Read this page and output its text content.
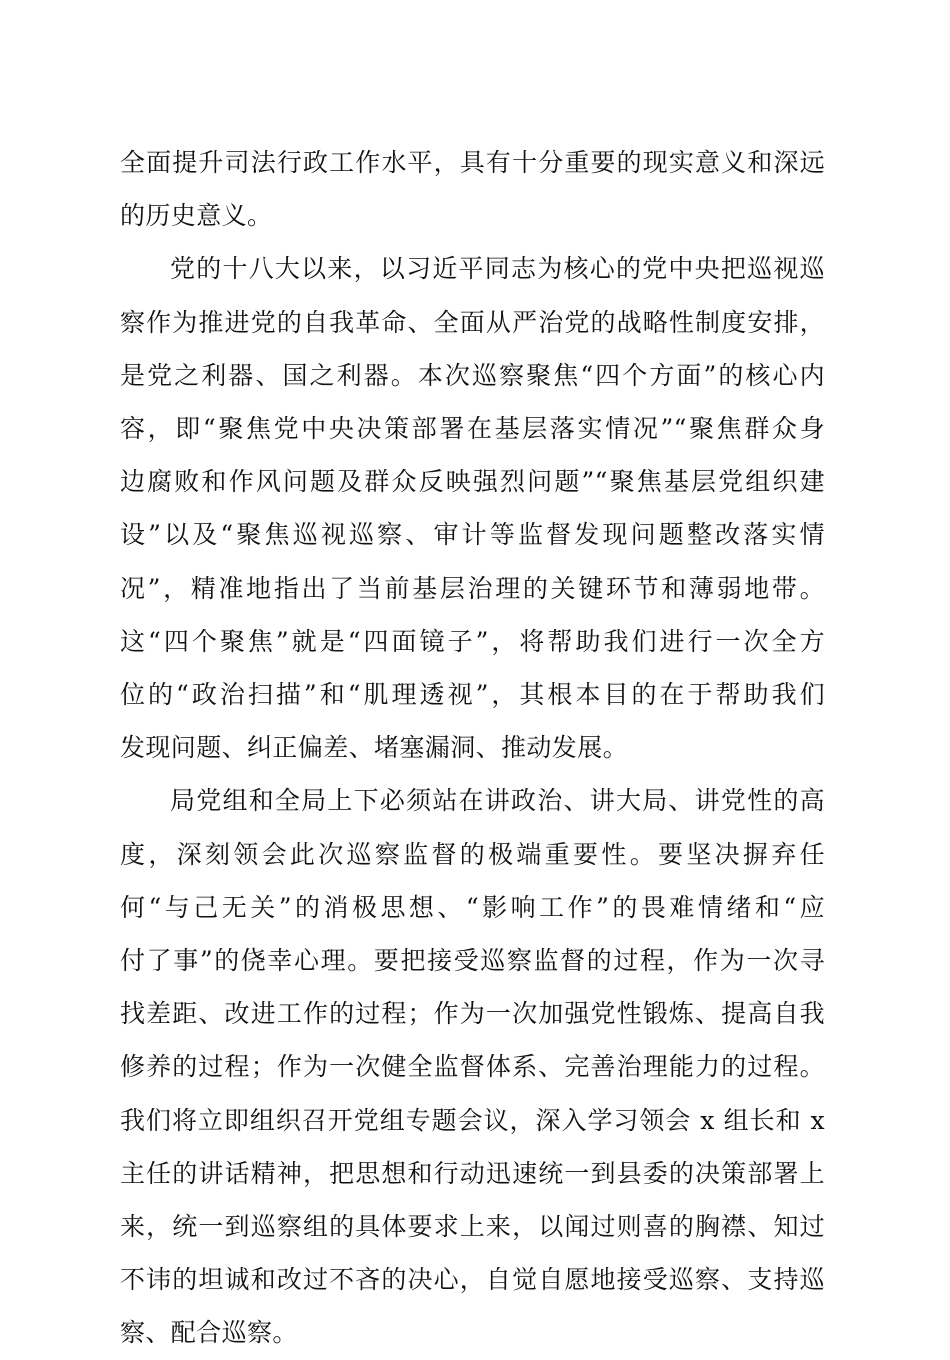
全面提升司法行政工作水平，具有十分重要的现实意义和深远
的历史意义。

党的十八大以来，以习近平同志为核心的党中央把巡视巡
察作为推进党的自我革命、全面从严治党的战略性制度安排，
是党之利器、国之利器。本次巡察聚焦“四个方面”的核心内
容，即“聚焦党中央决策部署在基层落实情况”“聚焦群众身
边腐败和作风问题及群众反映强烈问题”“聚焦基层党组织建
设”以及“聚焦巡视巡察、审计等监督发现问题整改落实情
况”，精准地指出了当前基层治理的关键环节和薄弱地带。
这“四个聚焦”就是“四面镜子”，将帮助我们进行一次全方
位的“政治扫描”和“肌理透视”，其根本目的在于帮助我们
发现问题、纠正偏差、堵塞漏洞、推动发展。

局党组和全局上下必须站在讲政治、讲大局、讲党性的高
度，深刻领会此次巡察监督的极端重要性。要坚决摒弃任
何“与己无关”的消极思想、“影响工作”的畏难情绪和“应
付了事”的侥幸心理。要把接受巡察监督的过程，作为一次寻
找差距、改进工作的过程；作为一次加强党性锻炼、提高自我
修养的过程；作为一次健全监督体系、完善治理能力的过程。
我们将立即组织召开党组专题会议，深入学习领会 x 组长和 x
主任的讲话精神，把思想和行动迅速统一到县委的决策部署上
来，统一到巡察组的具体要求上来，以闻过则喜的胸襟、知过
不讳的坦诚和改过不吝的决心，自觉自愿地接受巡察、支持巡
察、配合巡察。
